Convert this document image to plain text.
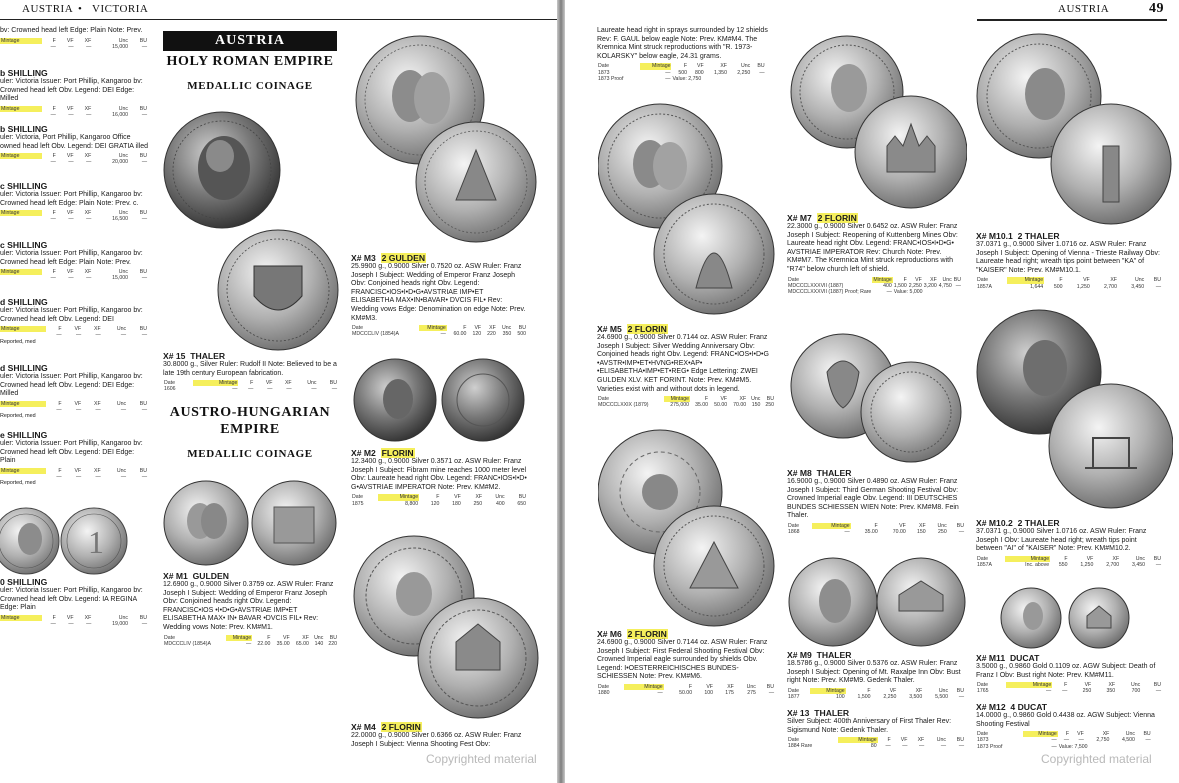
AUSTRIA • VICTORIA
bv: Crowned head left Edge: Plain Note: Prev.
Mintage	F	VF	XF	Unc	BU
	—	—	—	15,000	—
b SHILLING
uler: Victoria Issuer: Port Phillip, Kangaroo bv: Crowned head left Obv. Legend: DEI Edge: Milled
Mintage	F	VF	XF	Unc	BU
	—	—	—	16,000	—
b SHILLING
uler: Victoria, Port Phillip, Kangaroo Office owned head left Obv. Legend: DEI GRATIA illed
Mintage	F	VF	XF	Unc	BU
	—	—	—	20,000	—
c SHILLING
uler: Victoria Issuer: Port Phillip, Kangaroo bv: Crowned head left Edge: Plain Note: Prev. c.
Mintage	F	VF	XF	Unc	BU
	—	—	—	16,500	—
c SHILLING
uler: Victoria Issuer: Port Phillip, Kangaroo bv: Crowned head left Edge: Plain Note: Prev.
Mintage	F	VF	XF	Unc	BU
	—	—	—	15,000	—
d SHILLING
uler: Victoria Issuer: Port Phillip, Kangaroo bv: Crowned head left Obv. Legend: DEI
Mintage	F	VF	XF	Unc	BU
	—	—	—	—	—
Reported, med
d SHILLING
uler: Victoria Issuer: Port Phillip, Kangaroo bv: Crowned head left Obv. Legend: DEI Edge: Milled
Mintage	F	VF	XF	Unc	BU
	—	—	—	—	—
Reported, med
e SHILLING
uler: Victoria Issuer: Port Phillip, Kangaroo bv: Crowned head left Obv. Legend: DEI Edge: Plain
Mintage	F	VF	XF	Unc	BU
	—	—	—	—	—
Reported, med
0 SHILLING
uler: Victoria Issuer: Port Phillip, Kangaroo bv: Crowned head left Obv. Legend: IA REGINA Edge: Plain
Mintage	F	VF	XF	Unc	BU
	—	—	—	19,000	—
1
AUSTRIA
HOLY ROMAN EMPIRE
MEDALLIC COINAGE
X# 15 THALER
30.8000 g., Silver Ruler: Rudolf II Note: Believed to be a late 19th century European fabrication.
Date	Mintage	F	VF	XF	Unc	BU
1606	—	—	—	—	—	—
AUSTRO-HUNGARIAN EMPIRE
MEDALLIC COINAGE
X# M1 GULDEN
12.6900 g., 0.9000 Silver 0.3759 oz. ASW Ruler: Franz Joseph I Subject: Wedding of Emperor Franz Joseph Obv: Conjoined heads right Obv. Legend: FRANCISC•IOS •I•D•G•AVSTRIAE IMP•ET ELISABETHA MAX• IN• BAVAR •DVCIS FIL• Rev: Wedding vows Note: Prev. KM#M1.
Date	Mintage	F	VF	XF	Unc	BU
MDCCCLIV (1854)A	—	22.00	35.00	65.00	140	220
X# M3 2 GULDEN
25.9900 g., 0.9000 Silver 0.7520 oz. ASW Ruler: Franz Joseph I Subject: Wedding of Emperor Franz Joseph Obv: Conjoined heads right Obv. Legend: FRANCISC•IOS•I•D•G•AVSTRIAE IMP•ET ELISABETHA MAX•IN•BAVAR• DVCIS FIL• Rev: Wedding vows Edge: Denomination on edge Note: Prev. KM#M3.
Date	Mintage	F	VF	XF	Unc	BU
MDCCCLIV (1854)A	—	60.00	120	220	350	500
X# M2 FLORIN
12.3400 g., 0.9000 Silver 0.3571 oz. ASW Ruler: Franz Joseph I Subject: Fibram mine reaches 1000 meter level Obv: Laureate head right Obv. Legend: FRANC•IOS•I•D• G•AVSTRIAE IMPERATOR Note: Prev. KM#M2.
Date	Mintage	F	VF	XF	Unc	BU
1875	8,800	120	180	250	400	650
X# M4 2 FLORIN
22.0000 g., 0.9000 Silver 0.6366 oz. ASW Ruler: Franz Joseph I Subject: Vienna Shooting Fest Obv:
Copyrighted material
AUSTRIA	49
Laureate head right in sprays surrounded by 12 shields Rev: F. GAUL below eagle Note: Prev. KM#M4. The Kremnica Mint struck reproductions with "R. 1973-KOLARSKY" below eagle, 24.31 grams.
Date	Mintage	F	VF	XF	Unc	BU			
1873	—	500	800	1,350	2,250	—			
1873 Proof	—	Value: 2,750							
X# M5 2 FLORIN
24.6900 g., 0.9000 Silver 0.7144 oz. ASW Ruler: Franz Joseph I Subject: Silver Wedding Anniversary Obv: Conjoined heads right Obv. Legend: FRANC•IOS•I•D•G •AVSTR•IMP•ET•HVNG•REX•AP• •ELISABETHA•IMP•ET•REG• Edge Lettering: ZWEI GULDEN XLV. KET FORINT. Note: Prev. KM#M5. Varieties exist with and without dots in legend.
Date	Mintage	F	VF	XF	Unc	BU
MDCCCLXXIX (1879)	275,000	35.00	50.00	70.00	150	250
X# M6 2 FLORIN
24.6900 g., 0.9000 Silver 0.7144 oz. ASW Ruler: Franz Joseph I Subject: First Federal Shooting Festival Obv: Crowned Imperial eagle surrounded by shields Obv. Legend: I•OESTERREICHISCHES BUNDES-SCHIESSEN Note: Prev. KM#M6.
Date	Mintage	F	VF	XF	Unc	BU
1880	—	50.00	100	175	275	—
X# M7 2 FLORIN
22.3000 g., 0.9000 Silver 0.6452 oz. ASW Ruler: Franz Joseph I Subject: Reopening of Kuttenberg Mines Obv: Laureate head right Obv. Legend: FRANC•IOS•I•D•G• AVSTRIAE IMPERATOR Rev: Church Note: Prev. KM#M7. The Kremnica Mint struck reproductions with "R74" below church left of shield.
Date	Mintage	F	VF	XF	Unc	BU			
MDCCCLXXXVII (1887)	400	1,500	2,250	3,200	4,750	—			
MDCCCLXXXVII (1887) Proof; Rare	—	Value: 5,000							
X# M8 THALER
16.9000 g., 0.9000 Silver 0.4890 oz. ASW Ruler: Franz Joseph I Subject: Third German Shooting Festival Obv: Crowned Imperial eagle Obv. Legend: III DEUTSCHES BUNDES SCHIESSEN WIEN Note: Prev. KM#M8. Fein Thaler.
Date	Mintage	F	VF	XF	Unc	BU
1868	—	35.00	70.00	150	250	—
X# M9 THALER
18.5786 g., 0.9000 Silver 0.5376 oz. ASW Ruler: Franz Joseph I Subject: Opening of Mt. Raxalpe Inn Obv: Bust right Note: Prev. KM#M9. Gedenk Thaler.
Date	Mintage	F	VF	XF	Unc	BU
1877	100	1,500	2,250	3,500	5,500	—
X# 13 THALER
Silver Subject: 400th Anniversary of First Thaler Rev: Sigismund Note: Gedenk Thaler.
Date	Mintage	F	VF	XF	Unc	BU
1884 Rare	80	—	—	—	—	—
X# M10.1 2 THALER
37.0371 g., 0.9000 Silver 1.0716 oz. ASW Ruler: Franz Joseph I Subject: Opening of Vienna - Trieste Railway Obv: Laureate head right; wreath tips point between "KA" of "KAISER" Note: Prev. KM#M10.1.
Date	Mintage	F	VF	XF	Unc	BU
1857A	1,644	500	1,250	2,700	3,450	—
X# M10.2 2 THALER
37.0371 g., 0.9000 Silver 1.0716 oz. ASW Ruler: Franz Joseph I Obv: Laureate head right; wreath tips point between "AI" of "KAISER" Note: Prev. KM#M10.2.
Date	Mintage	F	VF	XF	Unc	BU
1857A	Inc. above	550	1,250	2,700	3,450	—
X# M11 DUCAT
3.5000 g., 0.9860 Gold 0.1109 oz. AGW Subject: Death of Franz I Obv: Bust right Note: Prev. KM#M11.
Date	Mintage	F	VF	XF	Unc	BU
1765	—	—	250	350	700	—
X# M12 4 DUCAT
14.0000 g., 0.9860 Gold 0.4438 oz. AGW Subject: Vienna Shooting Festival
Date	Mintage	F	VF	XF	Unc	BU			
1873	—	—	—	2,750	4,500	—			
1873 Proof	—	Value: 7,500							
Copyrighted material
